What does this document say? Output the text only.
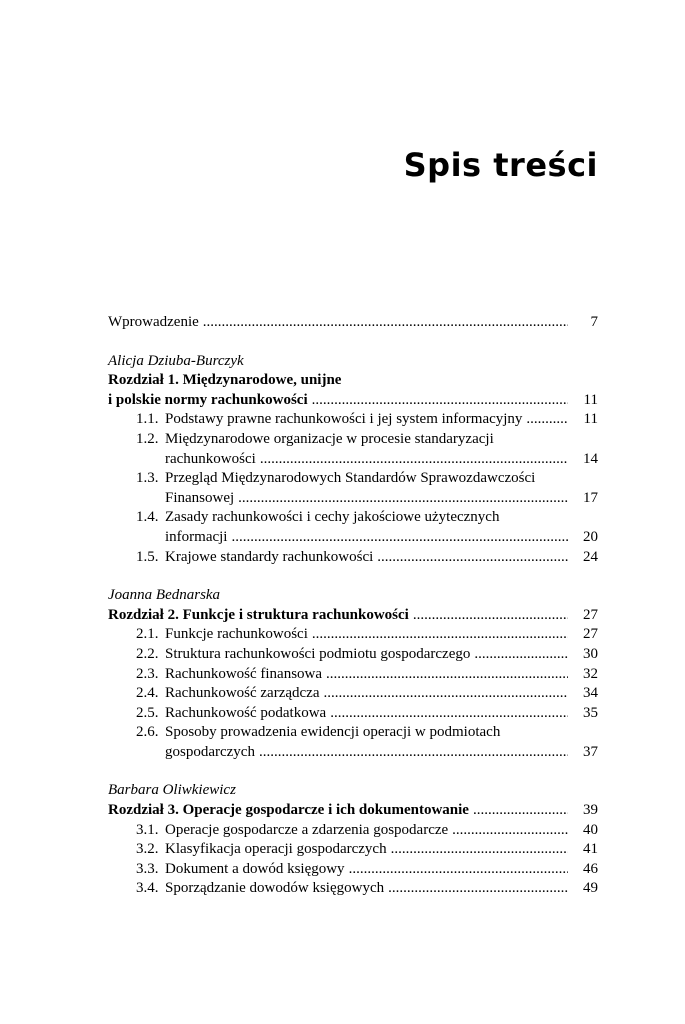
Spis treści
Wprowadzenie .....	7
Alicja Dziuba-Burczyk
Rozdział 1. Międzynarodowe, unijne
i polskie normy rachunkowości .....	11
1.1. Podstawy prawne rachunkowości i jej system informacyjny .....	11
1.2. Międzynarodowe organizacje w procesie standaryzacji
rachunkowości .....	14
1.3. Przegląd Międzynarodowych Standardów Sprawozdawczości
Finansowej .....	17
1.4. Zasady rachunkowości i cechy jakościowe użytecznych
informacji .....	20
1.5. Krajowe standardy rachunkowości .....	24
Joanna Bednarska
Rozdział 2. Funkcje i struktura rachunkowości .....	27
2.1. Funkcje rachunkowości .....	27
2.2. Struktura rachunkowości podmiotu gospodarczego .....	30
2.3. Rachunkowość finansowa .....	32
2.4. Rachunkowość zarządcza .....	34
2.5. Rachunkowość podatkowa .....	35
2.6. Sposoby prowadzenia ewidencji operacji w podmiotach
gospodarczych .....	37
Barbara Oliwkiewicz
Rozdział 3. Operacje gospodarcze i ich dokumentowanie .....	39
3.1. Operacje gospodarcze a zdarzenia gospodarcze .....	40
3.2. Klasyfikacja operacji gospodarczych .....	41
3.3. Dokument a dowód księgowy .....	46
3.4. Sporządzanie dowodów księgowych .....	49
